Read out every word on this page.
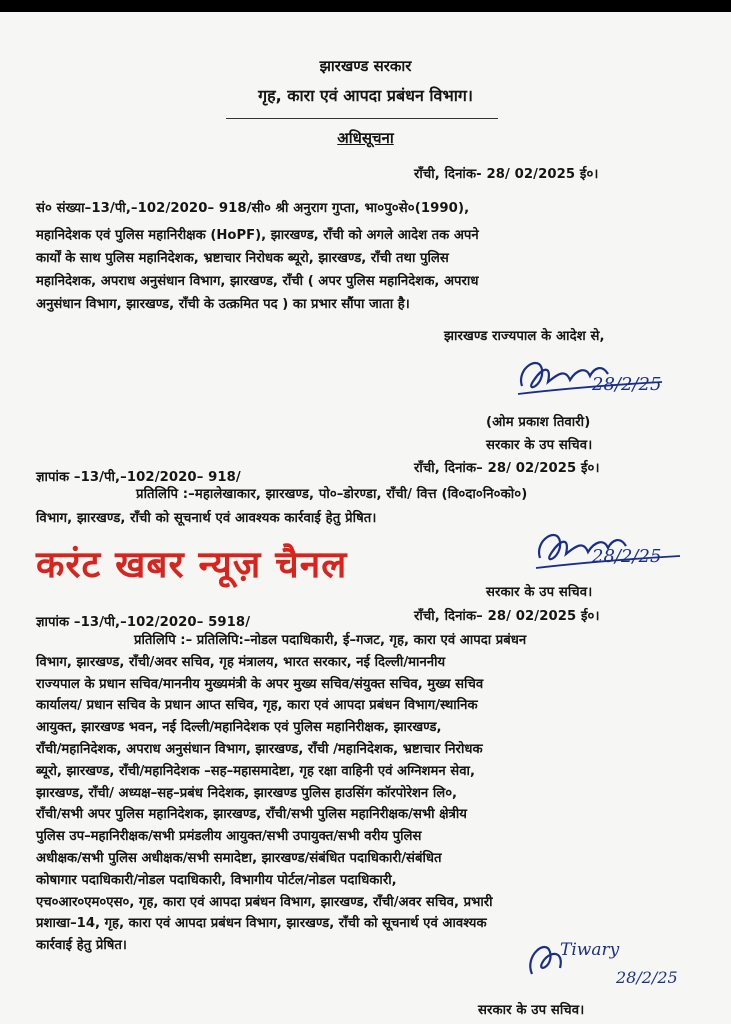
झारखण्ड सरकार
गृह, कारा एवं आपदा प्रबंधन विभाग।
अधिसूचना
राँची, दिनांक- 28/ 02/2025 ई०।
सं० संख्या–13/पी,–102/2020– 918/सी० श्री अनुराग गुप्ता, भा०पु०से०(1990),
महानिदेशक एवं पुलिस महानिरीक्षक (HoPF), झारखण्ड, राँची को अगले आदेश तक अपने
कार्यों के साथ पुलिस महानिदेशक, भ्रष्टाचार निरोधक ब्यूरो, झारखण्ड, राँची तथा पुलिस
महानिदेशक, अपराध अनुसंधान विभाग, झारखण्ड, राँची ( अपर पुलिस महानिदेशक, अपराध
अनुसंधान विभाग, झारखण्ड, राँची के उत्क्रमित पद ) का प्रभार सौंपा जाता है।
झारखण्ड राज्यपाल के आदेश से,
28/2/25
(ओम प्रकाश तिवारी)
सरकार के उप सचिव।
ज्ञापांक –13/पी,–102/2020– 918/
राँची, दिनांक– 28/ 02/2025 ई०।
प्रतिलिपि :–महालेखाकार, झारखण्ड, पो०–डोरण्डा, राँची/ वित्त (वि०दा०नि०को०)
विभाग, झारखण्ड, राँची को सूचनार्थ एवं आवश्यक कार्रवाई हेतु प्रेषित।
28/2/25
सरकार के उप सचिव।
करंट खबर न्यूज़ चैनल
ज्ञापांक –13/पी,–102/2020– 5918/	राँची, दिनांक– 28/ 02/2025 ई०।
प्रतिलिपि :– प्रतिलिपि:–नोडल पदाधिकारी, ई–गजट, गृह, कारा एवं आपदा प्रबंधन
विभाग, झारखण्ड, राँची/अवर सचिव, गृह मंत्रालय, भारत सरकार, नई दिल्ली/माननीय
राज्यपाल के प्रधान सचिव/माननीय मुख्यमंत्री के अपर मुख्य सचिव/संयुक्त सचिव, मुख्य सचिव
कार्यालय/ प्रधान सचिव के प्रधान आप्त सचिव, गृह, कारा एवं आपदा प्रबंधन विभाग/स्थानिक
आयुक्त, झारखण्ड भवन, नई दिल्ली/महानिदेशक एवं पुलिस महानिरीक्षक, झारखण्ड,
राँची/महानिदेशक, अपराध अनुसंधान विभाग, झारखण्ड, राँची /महानिदेशक, भ्रष्टाचार निरोधक
ब्यूरो, झारखण्ड, राँची/महानिदेशक –सह–महासमादेष्टा, गृह रक्षा वाहिनी एवं अग्निशमन सेवा,
झारखण्ड, राँची/ अध्यक्ष–सह–प्रबंध निदेशक, झारखण्ड पुलिस हाउसिंग कॉरपोरेशन लि०,
राँची/सभी अपर पुलिस महानिदेशक, झारखण्ड, राँची/सभी पुलिस महानिरीक्षक/सभी क्षेत्रीय
पुलिस उप–महानिरीक्षक/सभी प्रमंडलीय आयुक्त/सभी उपायुक्त/सभी वरीय पुलिस
अधीक्षक/सभी पुलिस अधीक्षक/सभी समादेष्टा, झारखण्ड/संबंधित पदाधिकारी/संबंधित
कोषागार पदाधिकारी/नोडल पदाधिकारी, विभागीय पोर्टल/नोडल पदाधिकारी,
एच०आर०एम०एस०, गृह, कारा एवं आपदा प्रबंधन विभाग, झारखण्ड, राँची/अवर सचिव, प्रभारी
प्रशाखा–14, गृह, कारा एवं आपदा प्रबंधन विभाग, झारखण्ड, राँची को सूचनार्थ एवं आवश्यक
कार्रवाई हेतु प्रेषित।	Tiwary
28/2/25
सरकार के उप सचिव।
